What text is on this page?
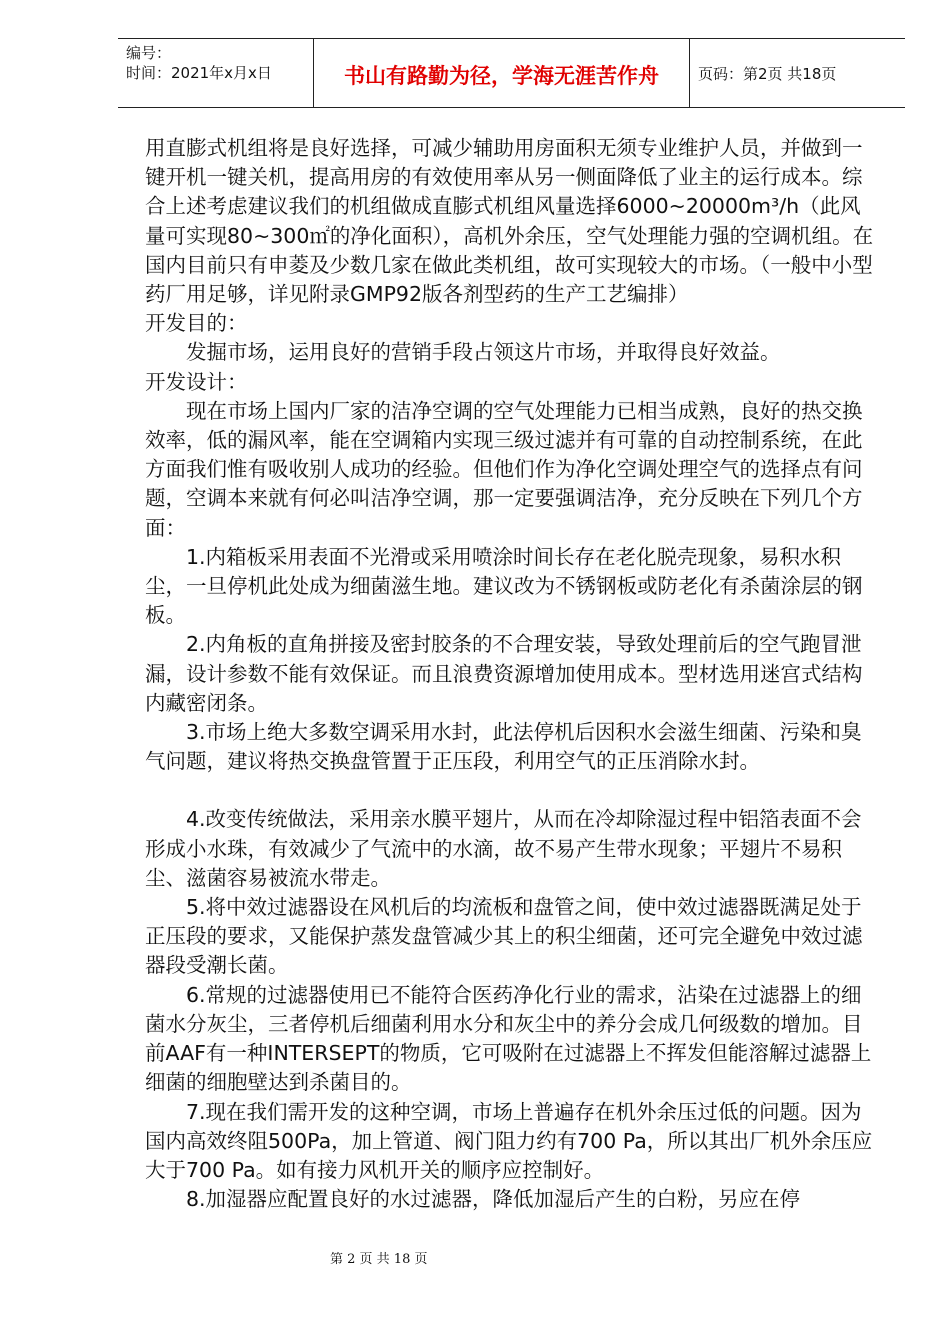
编号：
时间：2021年x月x日	书山有路勤为径，学海无涯苦作舟	页码：第2页 共18页

用直膨式机组将是良好选择，可减少辅助用房面积无须专业维护人员，并做到一键开机一键关机，提高用房的有效使用率从另一侧面降低了业主的运行成本。综合上述考虑建议我们的机组做成直膨式机组风量选择6000~20000m³/h（此风量可实现80~300㎡的净化面积），高机外余压，空气处理能力强的空调机组。在国内目前只有申菱及少数几家在做此类机组，故可实现较大的市场。（一般中小型药厂用足够，详见附录GMP92版各剂型药的生产工艺编排）

开发目的：

发掘市场，运用良好的营销手段占领这片市场，并取得良好效益。

开发设计：

现在市场上国内厂家的洁净空调的空气处理能力已相当成熟，良好的热交换效率，低的漏风率，能在空调箱内实现三级过滤并有可靠的自动控制系统，在此方面我们惟有吸收别人成功的经验。但他们作为净化空调处理空气的选择点有问题，空调本来就有何必叫洁净空调，那一定要强调洁净，充分反映在下列几个方面：

1.内箱板采用表面不光滑或采用喷涂时间长存在老化脱壳现象，易积水积尘，一旦停机此处成为细菌滋生地。建议改为不锈钢板或防老化有杀菌涂层的钢板。

2.内角板的直角拼接及密封胶条的不合理安装，导致处理前后的空气跑冒泄漏，设计参数不能有效保证。而且浪费资源增加使用成本。型材选用迷宫式结构内藏密闭条。

3.市场上绝大多数空调采用水封，此法停机后因积水会滋生细菌、污染和臭气问题，建议将热交换盘管置于正压段，利用空气的正压消除水封。

4.改变传统做法，采用亲水膜平翅片，从而在冷却除湿过程中铝箔表面不会形成小水珠，有效减少了气流中的水滴，故不易产生带水现象；平翅片不易积尘、滋菌容易被流水带走。

5.将中效过滤器设在风机后的均流板和盘管之间，使中效过滤器既满足处于正压段的要求，又能保护蒸发盘管减少其上的积尘细菌，还可完全避免中效过滤器段受潮长菌。

6.常规的过滤器使用已不能符合医药净化行业的需求，沾染在过滤器上的细菌水分灰尘，三者停机后细菌利用水分和灰尘中的养分会成几何级数的增加。目前AAF有一种INTERSEPT的物质，它可吸附在过滤器上不挥发但能溶解过滤器上细菌的细胞壁达到杀菌目的。

7.现在我们需开发的这种空调，市场上普遍存在机外余压过低的问题。因为国内高效终阻500Pa，加上管道、阀门阻力约有700 Pa，所以其出厂机外余压应大于700 Pa。如有接力风机开关的顺序应控制好。

8.加湿器应配置良好的水过滤器，降低加湿后产生的白粉，另应在停

第 2 页 共 18 页
